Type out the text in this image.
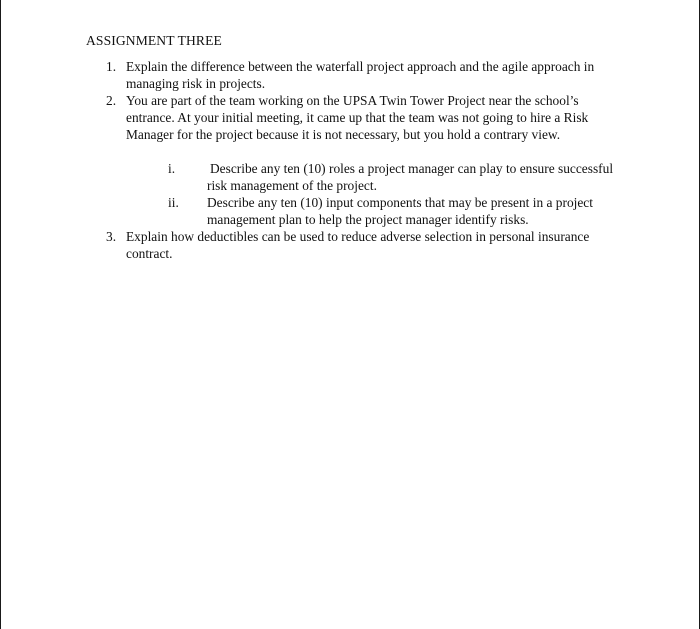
ASSIGNMENT THREE
1. Explain the difference between the waterfall project approach and the agile approach in managing risk in projects.
2. You are part of the team working on the UPSA Twin Tower Project near the school’s entrance. At your initial meeting, it came up that the team was not going to hire a Risk Manager for the project because it is not necessary, but you hold a contrary view.
i.	Describe any ten (10) roles a project manager can play to ensure successful risk management of the project.
ii. Describe any ten (10) input components that may be present in a project management plan to help the project manager identify risks.
3. Explain how deductibles can be used to reduce adverse selection in personal insurance contract.
